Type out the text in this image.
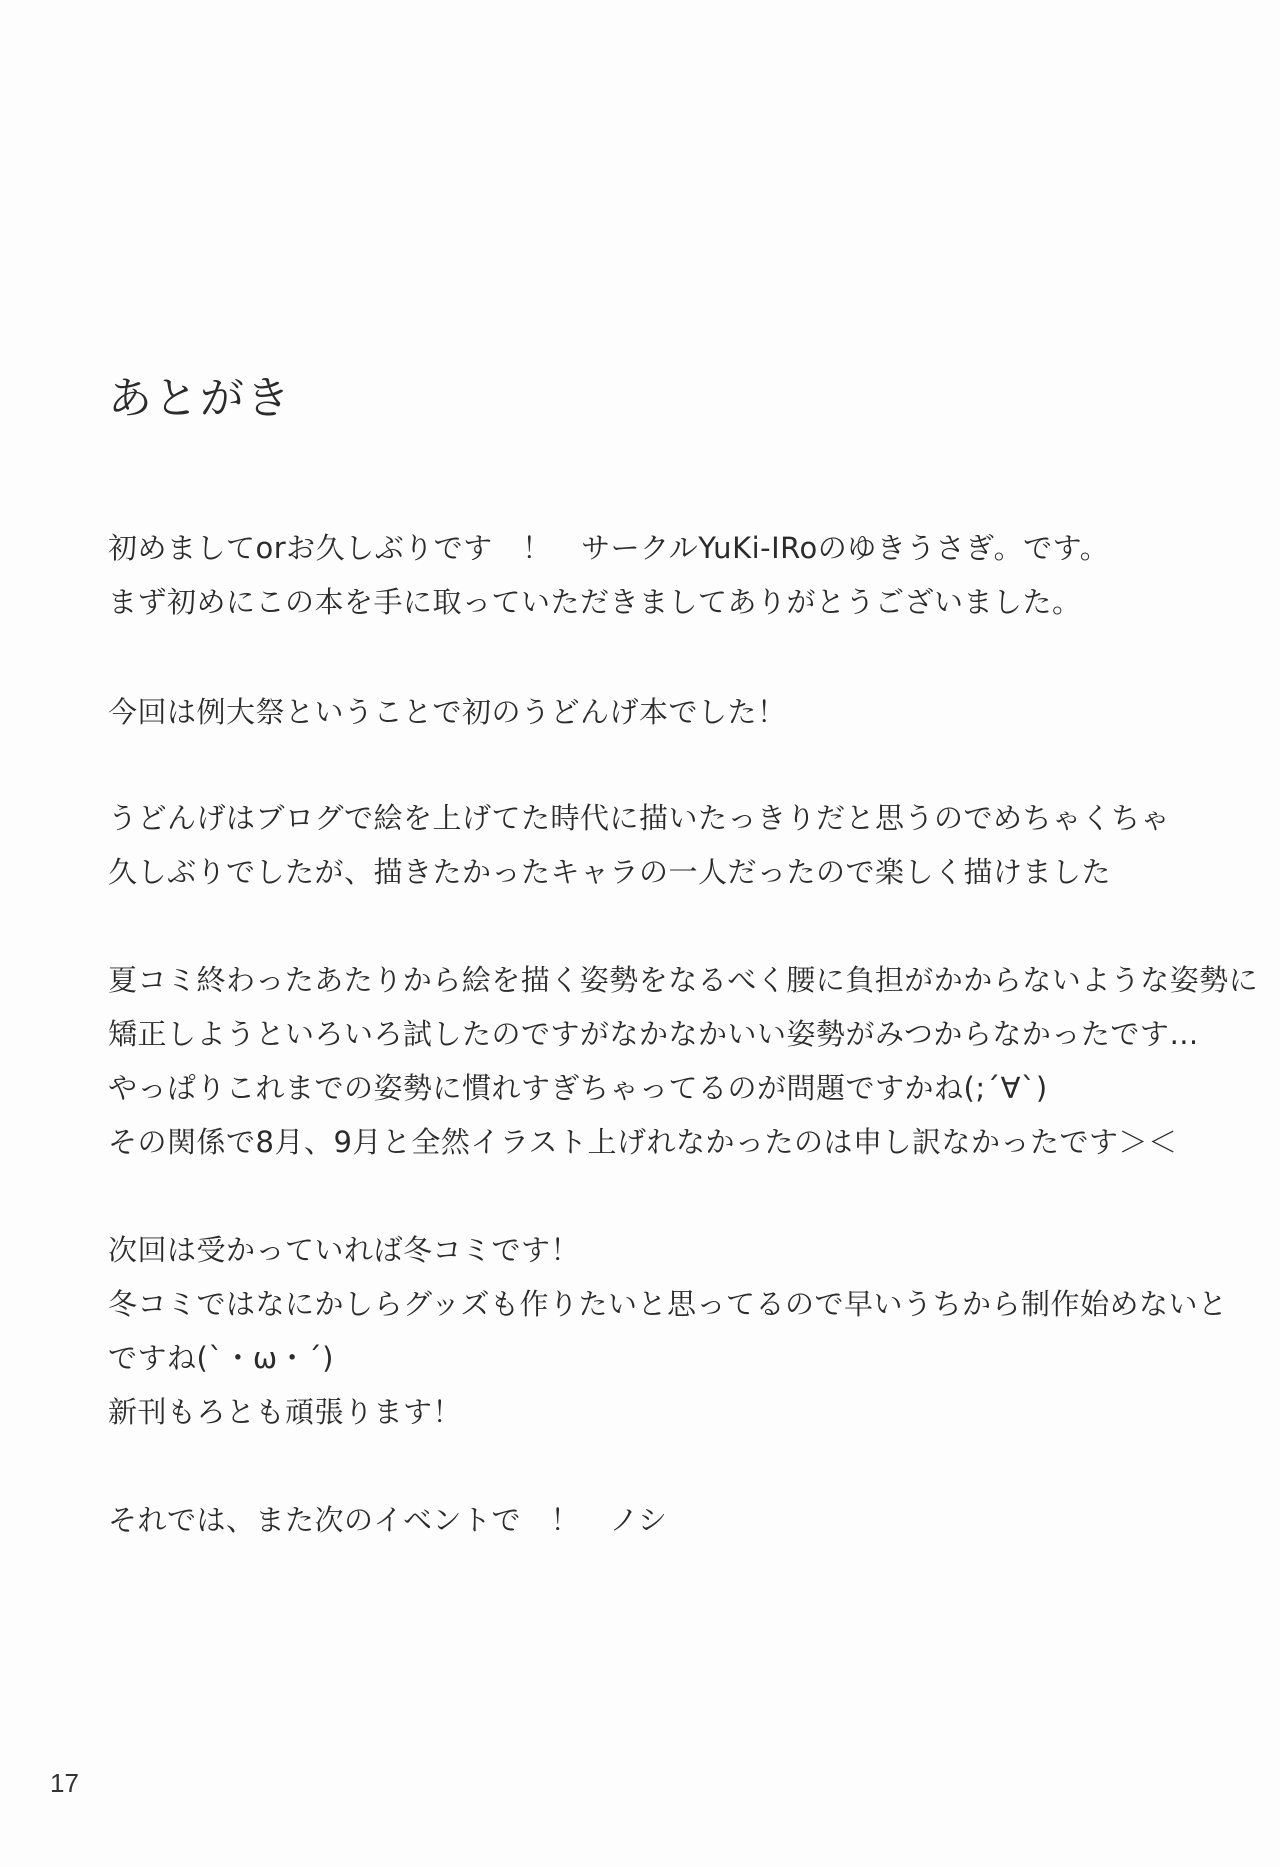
あとがき
初めましてorお久しぶりです　！　サークルYuKi-IRoのゆきうさぎ。です。
まず初めにこの本を手に取っていただきましてありがとうございました。
今回は例大祭ということで初のうどんげ本でした！
うどんげはブログで絵を上げてた時代に描いたっきりだと思うのでめちゃくちゃ
久しぶりでしたが、描きたかったキャラの一人だったので楽しく描けました
夏コミ終わったあたりから絵を描く姿勢をなるべく腰に負担がかからないような姿勢に
矯正しようといろいろ試したのですがなかなかいい姿勢がみつからなかったです…
やっぱりこれまでの姿勢に慣れすぎちゃってるのが問題ですかね(;´∀`)
その関係で8月、9月と全然イラスト上げれなかったのは申し訳なかったです＞＜
次回は受かっていれば冬コミです！
冬コミではなにかしらグッズも作りたいと思ってるので早いうちから制作始めないと
ですね(`・ω・´)
新刊もろとも頑張ります！
それでは、また次のイベントで　！　ノシ
17
